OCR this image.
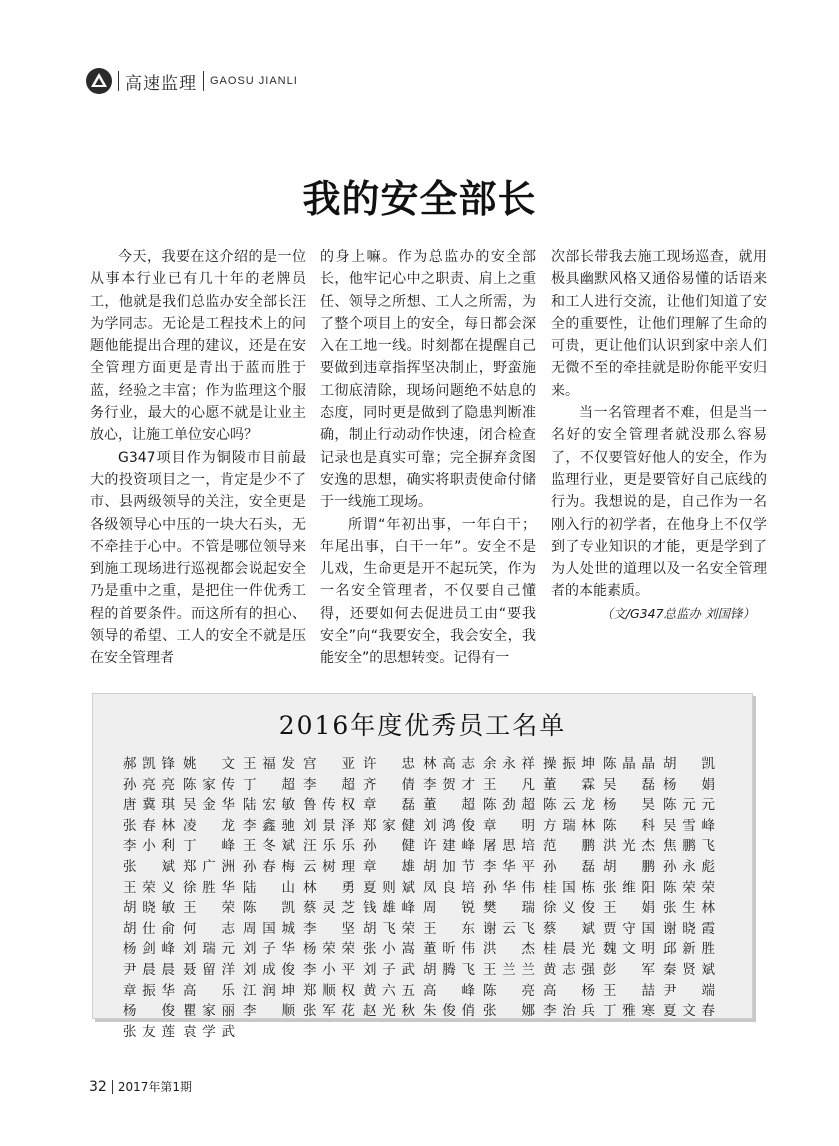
高速监理 GAOSU JIANLI
我的安全部长

今天，我要在这介绍的是一位从事本行业已有几十年的老牌员工，他就是我们总监办安全部长汪为学同志。无论是工程技术上的问题他能提出合理的建议，还是在安全管理方面更是青出于蓝而胜于蓝，经验之丰富；作为监理这个服务行业，最大的心愿不就是让业主放心，让施工单位安心吗？

G347项目作为铜陵市目前最大的投资项目之一，肯定是少不了市、县两级领导的关注，安全更是各级领导心中压的一块大石头，无不牵挂于心中。不管是哪位领导来到施工现场进行巡视都会说起安全乃是重中之重，是把住一件优秀工程的首要条件。而这所有的担心、领导的希望、工人的安全不就是压在安全管理者

的身上嘛。作为总监办的安全部长，他牢记心中之职责、肩上之重任、领导之所想、工人之所需，为了整个项目上的安全，每日都会深入在工地一线。时刻都在提醒自己要做到违章指挥坚决制止，野蛮施工彻底清除，现场问题绝不姑息的态度，同时更是做到了隐患判断准确，制止行动动作快速，闭合检查记录也是真实可靠；完全摒弃贪图安逸的思想，确实将职责使命付储于一线施工现场。

所谓“年初出事，一年白干；年尾出事，白干一年”。安全不是儿戏，生命更是开不起玩笑，作为一名安全管理者，不仅要自己懂得，还要如何去促进员工由“要我安全”向“我要安全，我会安全，我能安全”的思想转变。记得有一

次部长带我去施工现场巡查，就用极具幽默风格又通俗易懂的话语来和工人进行交流，让他们知道了安全的重要性，让他们理解了生命的可贵，更让他们认识到家中亲人们无微不至的牵挂就是盼你能平安归来。

当一名管理者不难，但是当一名好的安全管理者就没那么容易了，不仅要管好他人的安全，作为监理行业，更是要管好自己底线的行为。我想说的是，自己作为一名刚入行的初学者，在他身上不仅学到了专业知识的才能，更是学到了为人处世的道理以及一名安全管理者的本能素质。

（文/G347总监办 刘国锋）

2016年度优秀员工名单
郝凯锋 姚　文 王福发 宫　亚 许　忠 林高志 余永祥 操振坤 陈晶晶 胡　凯
孙亮亮 陈家传 丁　超 李　超 齐　倩 李贺才 王　凡 董　霖 吴　磊 杨　娟
唐冀琪 吴金华 陆宏敏 鲁传权 章　磊 董　超 陈劲超 陈云龙 杨　昊 陈元元
张春林 凌　龙 李鑫驰 刘景泽 郑家健 刘鸿俊 章　明 方瑞林 陈　科 吴雪峰
李小利 丁　峰 王冬斌 汪乐乐 孙　健 许建峰 屠思培 范　鹏 洪光杰 焦鹏飞
张　斌 郑广洲 孙春梅 云树理 章　雄 胡加节 李华平 孙　磊 胡　鹏 孙永彪
王荣义 徐胜华 陆　山 林　勇 夏则斌 凤良培 孙华伟 桂国栋 张维阳 陈荣荣
胡晓敏 王　荣 陈　凯 蔡灵芝 钱雄峰 周　锐 樊　瑞 徐义俊 王　娟 张生林
胡仕俞 何　志 周国城 李　坚 胡飞荣 王　东 谢云飞 蔡　斌 贾守国 谢晓霞
杨剑峰 刘瑞元 刘子华 杨荣荣 张小嵩 董昕伟 洪　杰 桂晨光 魏文明 邱新胜
尹晨晨 聂留洋 刘成俊 李小平 刘子武 胡腾飞 王兰兰 黄志强 彭　军 秦贤斌
章振华 高　乐 江润坤 郑顺权 黄六五 高　峰 陈　亮 高　杨 王　喆 尹　端
杨　俊 瞿家丽 李　顺 张军花 赵光秋 朱俊俏 张　娜 李治兵 丁雅寒 夏文春
张友莲 袁学武
32 2017年第1期
